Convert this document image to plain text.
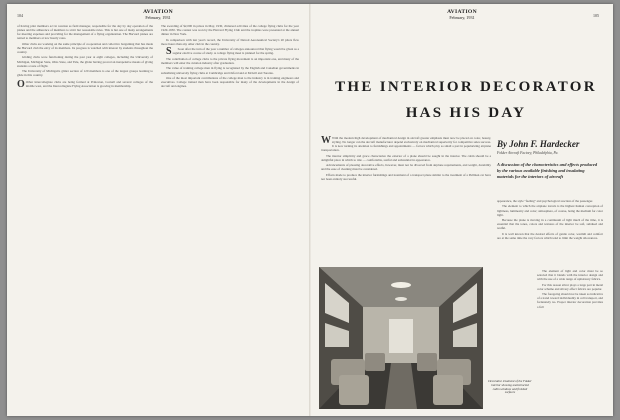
104
AVIATION
February, 1931

of having pilot members act in rotation as field manager, responsible for the day by day operation of the planes and the adherence of members to strict but reasonable rules. This is but one of many arrangements for meeting expenses and providing for the management of a flying organization. The Harvard planes are rented to members at low hourly rates.

Other clubs are working on the same principle of cooperation and collective bargaining that has made the Harvard club the envy of its members. Its progress is watched with interest by students throughout the country.

Gliding clubs were functioning during the past year at eight colleges, including the University of Michigan, Michigan State, Ohio State, and Yale, the glider having proved an inexpensive means of giving students a taste of flight.

The University of Michigan's glider section of 120 members is one of the largest groups learning to glide in this country.

O Other intercollegiate clubs are being formed at Princeton, Cornell and several colleges of the middle west, and the Intercollegiate Flying Association is growing in membership.

The awarding of $2,000 in prizes in May, 1930, climaxed activities of the college flying clubs for the year 1929-1930. The contest was won by the Harvard Flying Club and the trophies were presented at the annual dinner in New York.

In comparison with last year's record, the University of Detroit Aeronautical Society's 20 pilots flew more hours than any other club in the country.

S Soon after the turn of the year a number of colleges announced that flying would be given as a regular elective course of study. A college flying meet is planned for the spring.

The contribution of college clubs to the private flying movement is an important one, and many of the members will enter the aviation industry after graduation.

The value of training college men in flying is recognized by the English and Canadian governments in subsidizing university flying clubs at Cambridge and Oxford and at McGill and Toronto.

One of the most important contributions of the college man to the industry is in training engineers and executives. College trained men have been responsible for many of the developments in the design of aircraft and engines.

105
AVIATION
February, 1931
THE INTERIOR DECORATOR
HAS HIS DAY
By John F. Hardecker
Fokker Aircraft Factory, Philadelphia, Pa.
A discussion of the characteristics and effects produced by the various available finishing and insulating materials for the interiors of aircraft

W With the modern high development of mechanical design in aircraft greater emphasis must now be placed on color, beauty, styling. No longer can the aircraft manufacturer depend exclusively on mechanical superiority for competitive sales success. It is now turning its attention to furnishings and appointments — factors which play so small a part in popularizing airplane transportation.

The interior simplicity and grace characterize the exterior of a plane should be sought in the interior. The cabin should be a delightful place in which to ride — comfortable, restful and substantial in appearance.

Advancements of pleasing decorative effects, however, must not be divorced from airplane requirements, and weight, durability and the ease of cleaning must be considered.

Efforts made to produce the interior furnishings and treatment of a transport plane similar to the treatment of a Pullman car have not been entirely successful.

appearance, the style "feeling" and psychological reaction of the passenger.

The element to which the airplane travels is the highest human conception of lightness, luminosity and color; atmosphere, of course, being the medium for color light.

Because the plane is moving in a continuum of light much of the time, it is essential that the tones, colors and textures of the interior be soft, subdued and restful.

It is well known that the desired effects of gentle color, warmth and comfort are at the same time the very factors which tend to limit the weight allowances.

The element of light and color must be so selected that it blends with the interior design and with the use of a wide range of upholstery fabrics.

For this reason silver plays a large part in metal color scheme and silvery effect fabrics are popular.

The foregoing should not be taken as indicative of a trend toward individuality in cell transport, and fortunately no. Proper interior decoration provides a full

Decorative treatment of the Fokker interior showing unobstructed cabin windows and finished surfaces
